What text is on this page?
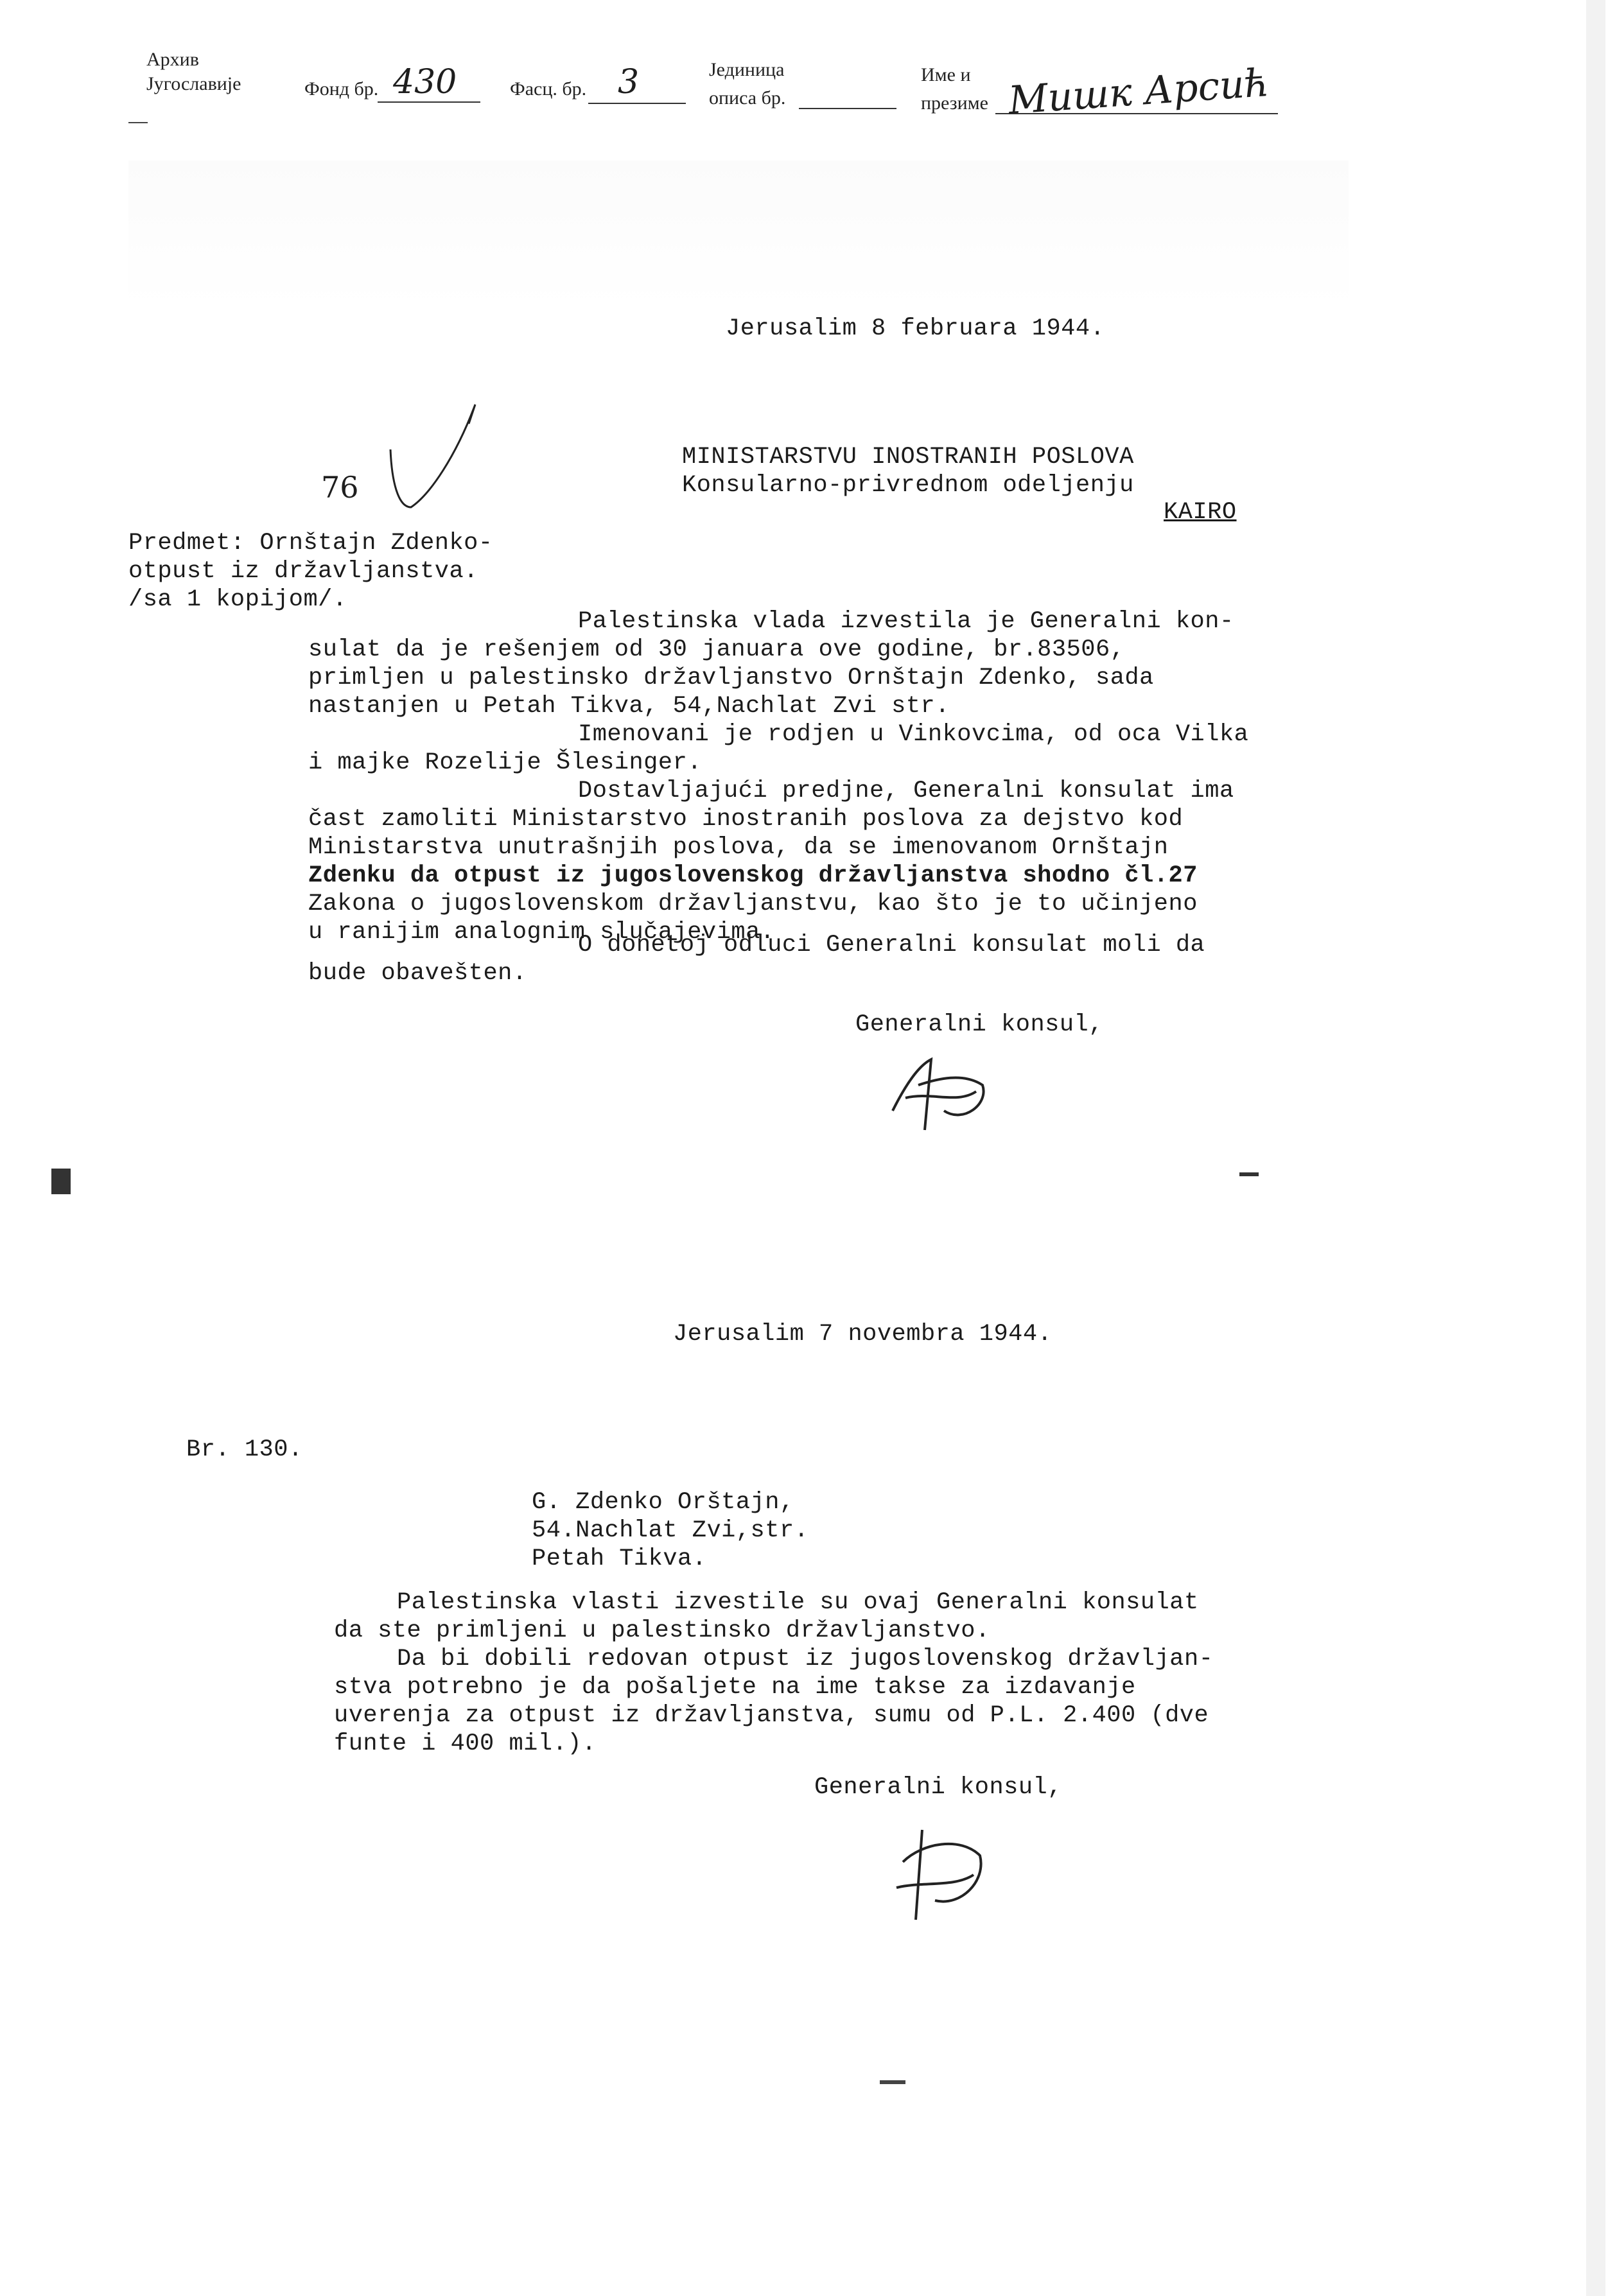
Архив
Југославије	Фонд бр. 430	Фасц. бр. 3	Јединица
описа бр.
Име и
презиме Мишк Арсић
Jerusalim 8 februara 1944.
76
MINISTARSTVU INOSTRANIH POSLOVA
Konsularno-privrednom odeljenju
KAIRO
Predmet: Ornštajn Zdenko-
otpust iz državljanstva.
/sa 1 kopijom/.
Palestinska vlada izvestila je Generalni kon-
sulat da je rešenjem od 30 januara ove godine, br.83506,
primljen u palestinsko državljanstvo Ornštajn Zdenko, sada
nastanjen u Petah Tikva, 54,Nachlat Zvi str.
Imenovani je rodjen u Vinkovcima, od oca Vilka
i majke Rozelije Šlesinger.
Dostavljajući predjne, Generalni konsulat ima
čast zamoliti Ministarstvo inostranih poslova za dejstvo kod
Ministarstva unutrašnjih poslova, da se imenovanom Ornštajn
Zdenku da otpust iz jugoslovenskog državljanstva shodno čl.27
Zakona o jugoslovenskom državljanstvu, kao što je to učinjeno
u ranijim analognim slučajevima.
O donetoj odluci Generalni konsulat moli da
bude obavešten.
Generalni konsul,
Jerusalim 7 novembra 1944.
Br. 130.
G. Zdenko Orštajn,
54.Nachlat Zvi,str.
Petah Tikva.
Palestinska vlasti izvestile su ovaj Generalni konsulat
da ste primljeni u palestinsko državljanstvo.
Da bi dobili redovan otpust iz jugoslovenskog državljan-
stva potrebno je da pošaljete na ime takse za izdavanje
uverenja za otpust iz državljanstva, sumu od P.L. 2.400 (dve
funte i 400 mil.).
Generalni konsul,
